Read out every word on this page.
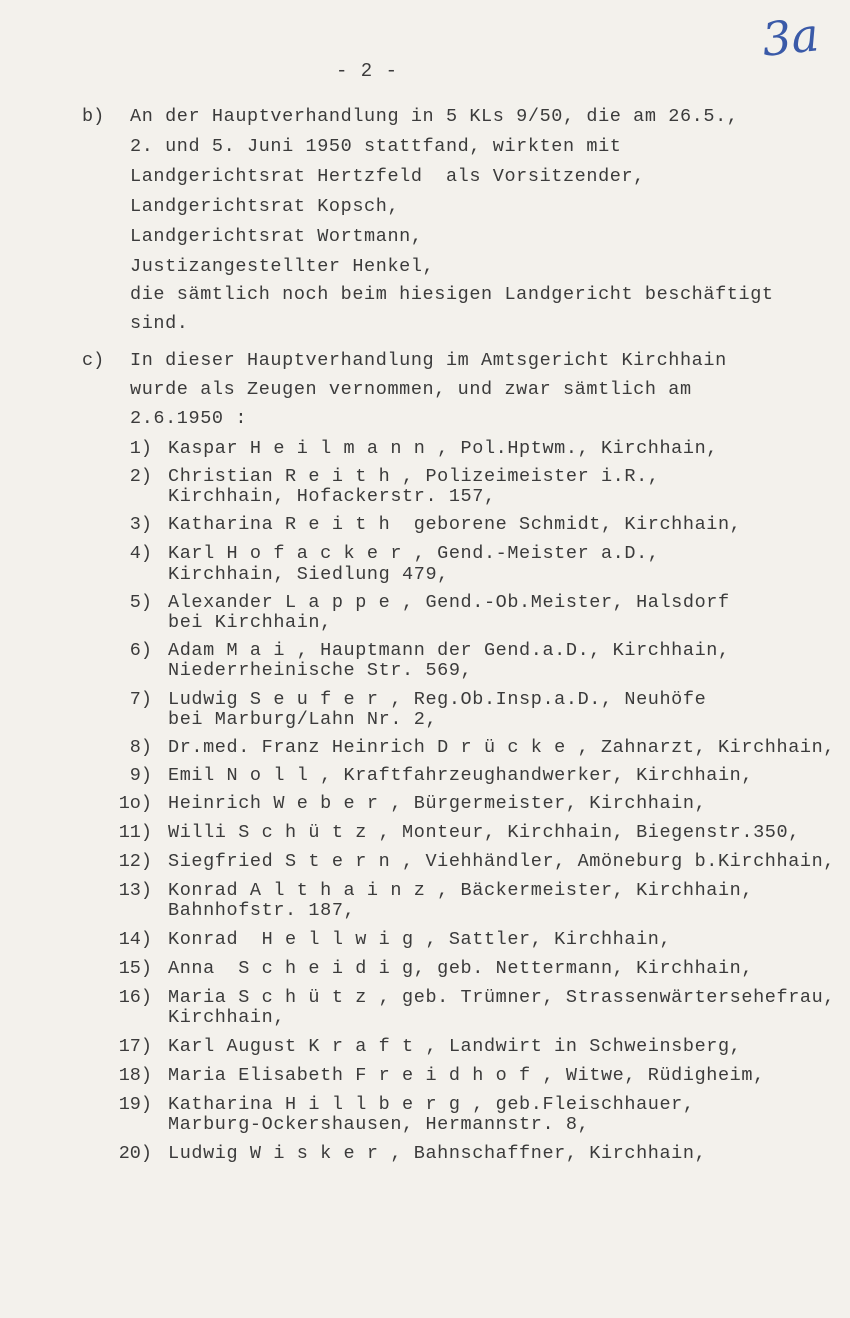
- 2 -
3a
b) An der Hauptverhandlung in 5 KLs 9/50, die am 26.5.,
2. und 5. Juni 1950 stattfand, wirkten mit
Landgerichtsrat Hertzfeld  als Vorsitzender,
Landgerichtsrat Kopsch,
Landgerichtsrat Wortmann,
Justizangestellter Henkel,
die sämtlich noch beim hiesigen Landgericht beschäftigt
sind.
c) In dieser Hauptverhandlung im Amtsgericht Kirchhain
wurde als Zeugen vernommen, und zwar sämtlich am
2.6.1950 :
1) Kaspar H e i l m a n n , Pol.Hptwm., Kirchhain,
2) Christian R e i t h , Polizeimeister i.R.,
Kirchhain, Hofackerstr. 157,
3) Katharina R e i t h  geborene Schmidt, Kirchhain,
4) Karl H o f a c k e r , Gend.-Meister a.D.,
Kirchhain, Siedlung 479,
5) Alexander L a p p e , Gend.-Ob.Meister, Halsdorf
bei Kirchhain,
6) Adam M a i , Hauptmann der Gend.a.D., Kirchhain,
Niederrheinische Str. 569,
7) Ludwig S e u f e r , Reg.Ob.Insp.a.D., Neuhöfe
bei Marburg/Lahn Nr. 2,
8) Dr.med. Franz Heinrich D r ü c k e , Zahnarzt, Kirchhain,
9) Emil N o l l , Kraftfahrzeughandwerker, Kirchhain,
1o) Heinrich W e b e r , Bürgermeister, Kirchhain,
11) Willi S c h ü t z , Monteur, Kirchhain, Biegenstr.350,
12) Siegfried S t e r n , Viehhändler, Amöneburg b.Kirchhain,
13) Konrad A l t h a i n z , Bäckermeister, Kirchhain,
Bahnhofstr. 187,
14) Konrad  H e l l w i g , Sattler, Kirchhain,
15) Anna  S c h e i d i g, geb. Nettermann, Kirchhain,
16) Maria S c h ü t z , geb. Trümner, Strassenwärtersehefrau,
Kirchhain,
17) Karl August K r a f t , Landwirt in Schweinsberg,
18) Maria Elisabeth F r e i d h o f , Witwe, Rüdigheim,
19) Katharina H i l l b e r g , geb.Fleischhauer,
Marburg-Ockershausen, Hermannstr. 8,
20) Ludwig W i s k e r , Bahnschaffner, Kirchhain,
